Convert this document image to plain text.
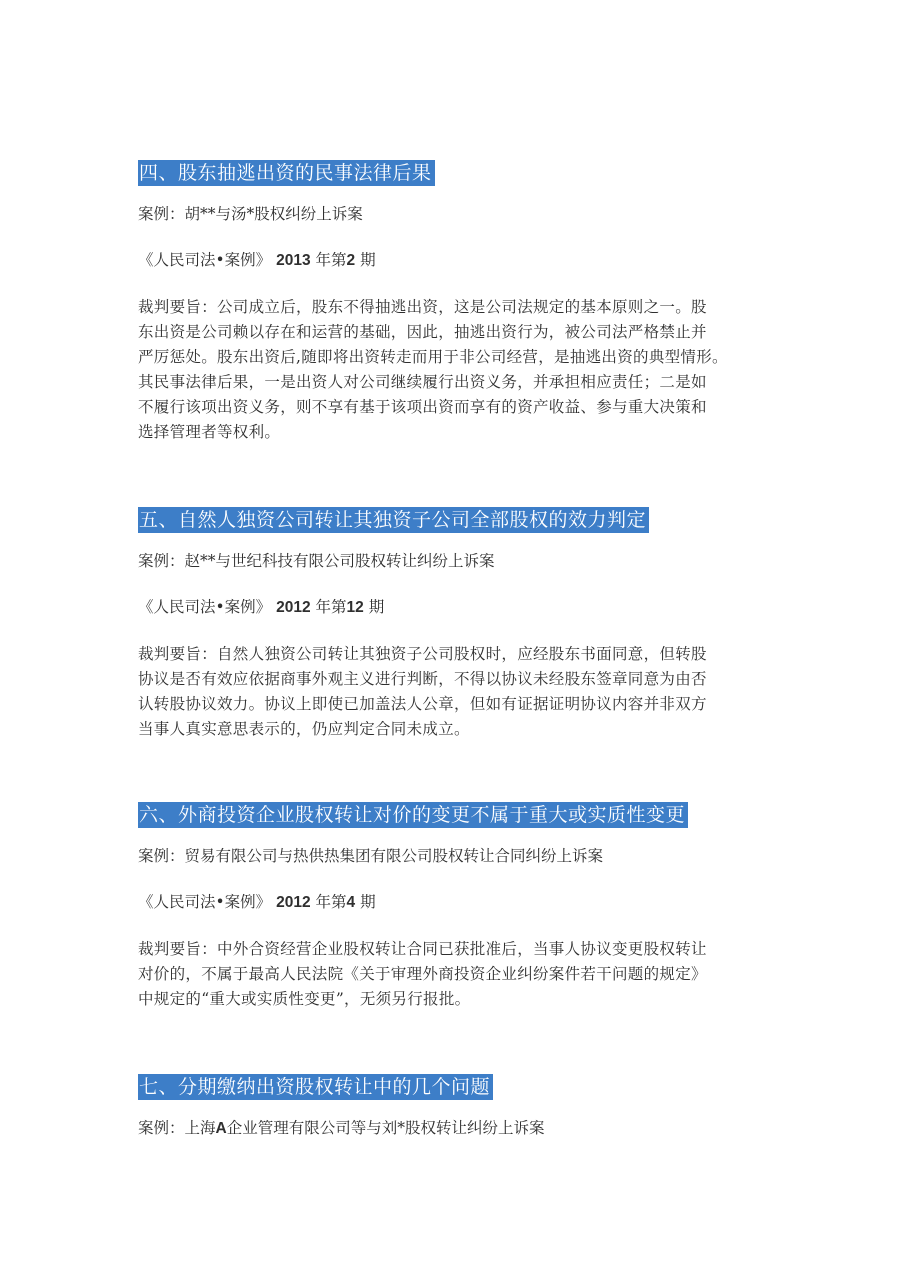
四、股东抽逃出资的民事法律后果
案例：胡**与汤*股权纠纷上诉案
《人民司法•案例》 2013 年第2 期
裁判要旨：公司成立后，股东不得抽逃出资，这是公司法规定的基本原则之一。股
东出资是公司赖以存在和运营的基础，因此，抽逃出资行为，被公司法严格禁止并
严厉惩处。股东出资后,随即将出资转走而用于非公司经营，是抽逃出资的典型情形。
其民事法律后果，一是出资人对公司继续履行出资义务，并承担相应责任；二是如
不履行该项出资义务，则不享有基于该项出资而享有的资产收益、参与重大决策和
选择管理者等权利。
五、自然人独资公司转让其独资子公司全部股权的效力判定
案例：赵**与世纪科技有限公司股权转让纠纷上诉案
《人民司法•案例》 2012 年第12 期
裁判要旨：自然人独资公司转让其独资子公司股权时，应经股东书面同意，但转股
协议是否有效应依据商事外观主义进行判断，不得以协议未经股东签章同意为由否
认转股协议效力。协议上即使已加盖法人公章，但如有证据证明协议内容并非双方
当事人真实意思表示的，仍应判定合同未成立。
六、外商投资企业股权转让对价的变更不属于重大或实质性变更
案例：贸易有限公司与热供热集团有限公司股权转让合同纠纷上诉案
《人民司法•案例》 2012 年第4 期
裁判要旨：中外合资经营企业股权转让合同已获批准后，当事人协议变更股权转让
对价的，不属于最高人民法院《关于审理外商投资企业纠纷案件若干问题的规定》
中规定的“重大或实质性变更”，无须另行报批。
七、分期缴纳出资股权转让中的几个问题
案例：上海A企业管理有限公司等与刘*股权转让纠纷上诉案
